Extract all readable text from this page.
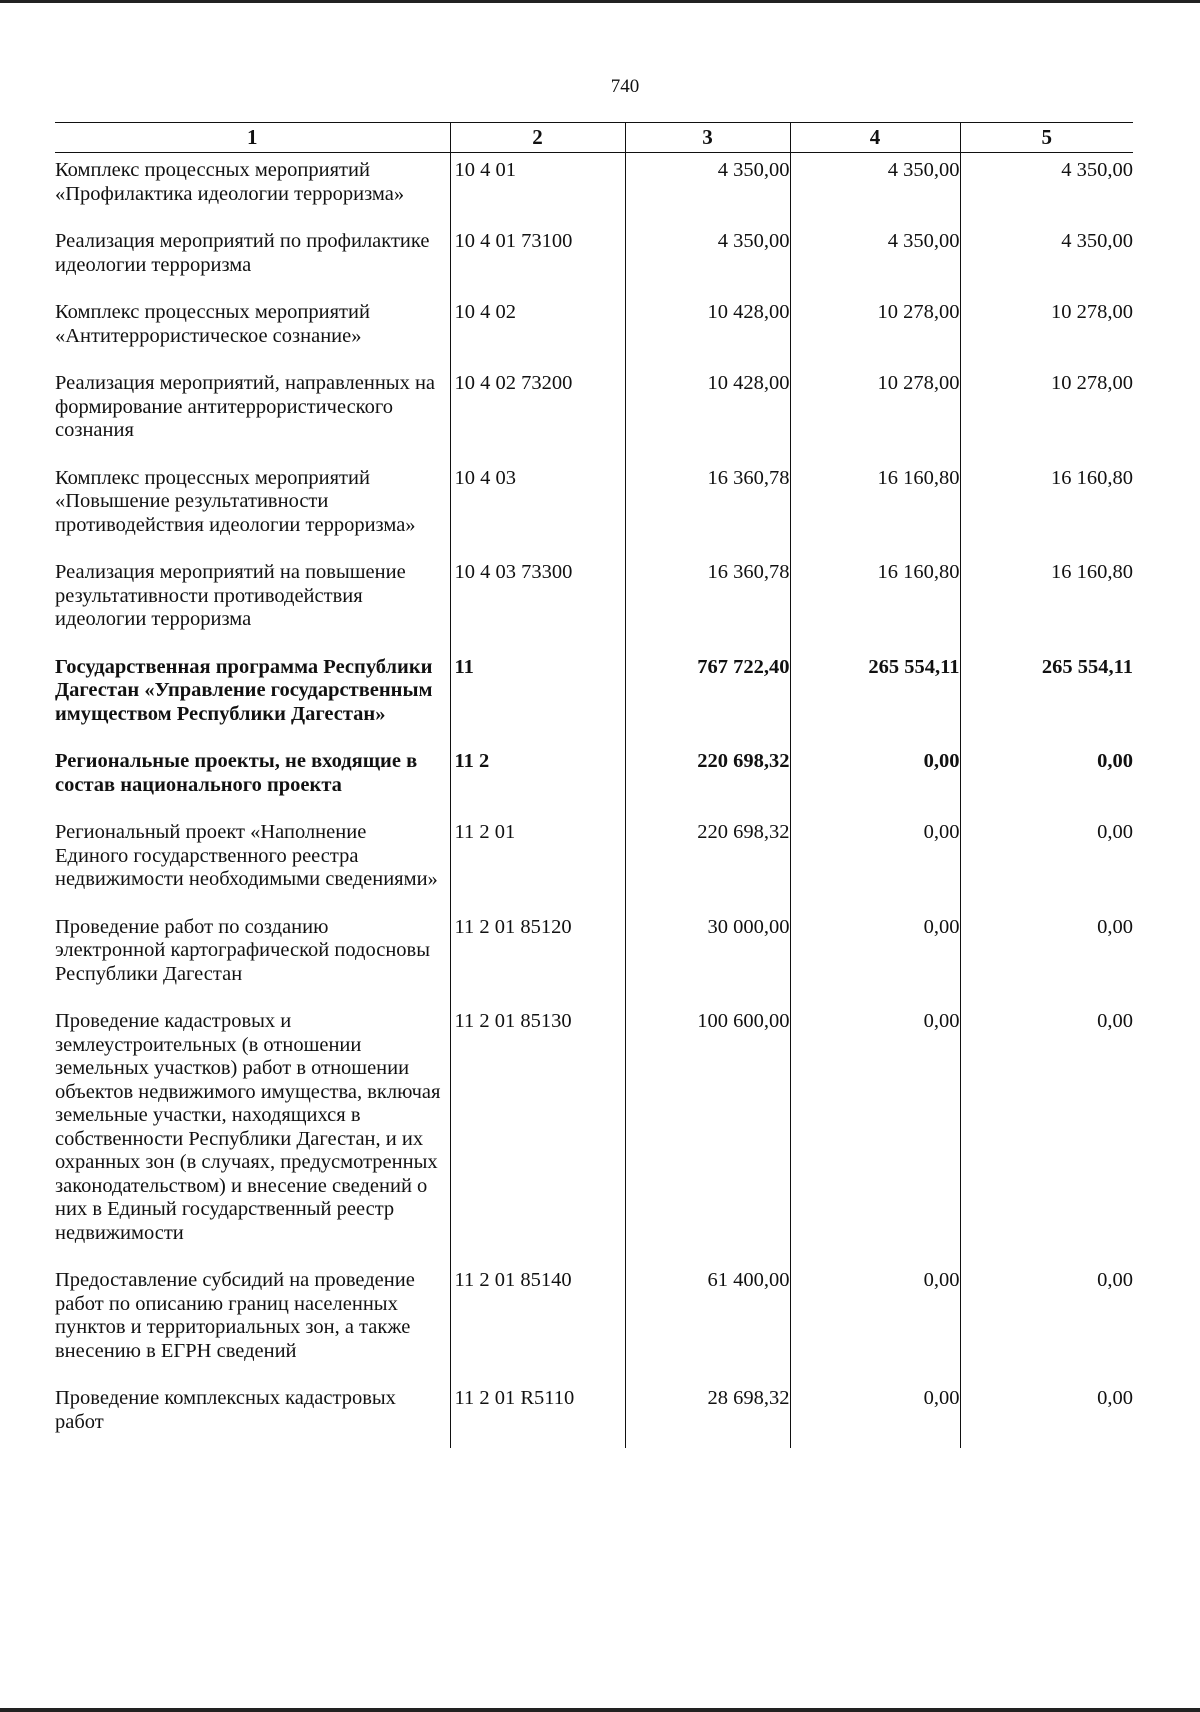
740
1	2	3	4	5
Комплекс процессных мероприятий «Профилактика идеологии терроризма»	10 4 01	4 350,00	4 350,00	4 350,00
Реализация мероприятий по профилактике идеологии терроризма	10 4 01 73100	4 350,00	4 350,00	4 350,00
Комплекс процессных мероприятий «Антитеррористическое сознание»	10 4 02	10 428,00	10 278,00	10 278,00
Реализация мероприятий, направленных на формирование антитеррористического сознания	10 4 02 73200	10 428,00	10 278,00	10 278,00
Комплекс процессных мероприятий «Повышение результативности противодействия идеологии терроризма»	10 4 03	16 360,78	16 160,80	16 160,80
Реализация мероприятий на повышение результативности противодействия идеологии терроризма	10 4 03 73300	16 360,78	16 160,80	16 160,80
Государственная программа Республики Дагестан «Управление государственным имуществом Республики Дагестан»	11	767 722,40	265 554,11	265 554,11
Региональные проекты, не входящие в состав национального проекта	11 2	220 698,32	0,00	0,00
Региональный проект «Наполнение Единого государственного реестра недвижимости необходимыми сведениями»	11 2 01	220 698,32	0,00	0,00
Проведение работ по созданию электронной картографической подосновы Республики Дагестан	11 2 01 85120	30 000,00	0,00	0,00
Проведение кадастровых и землеустроительных (в отношении земельных участков) работ в отношении объектов недвижимого имущества, включая земельные участки, находящихся в собственности Республики Дагестан, и их охранных зон (в случаях, предусмотренных законодательством) и внесение сведений о них в Единый государственный реестр недвижимости	11 2 01 85130	100 600,00	0,00	0,00
Предоставление субсидий на проведение работ по описанию границ населенных пунктов и территориальных зон, а также внесению в ЕГРН сведений	11 2 01 85140	61 400,00	0,00	0,00
Проведение комплексных кадастровых работ	11 2 01 R5110	28 698,32	0,00	0,00
